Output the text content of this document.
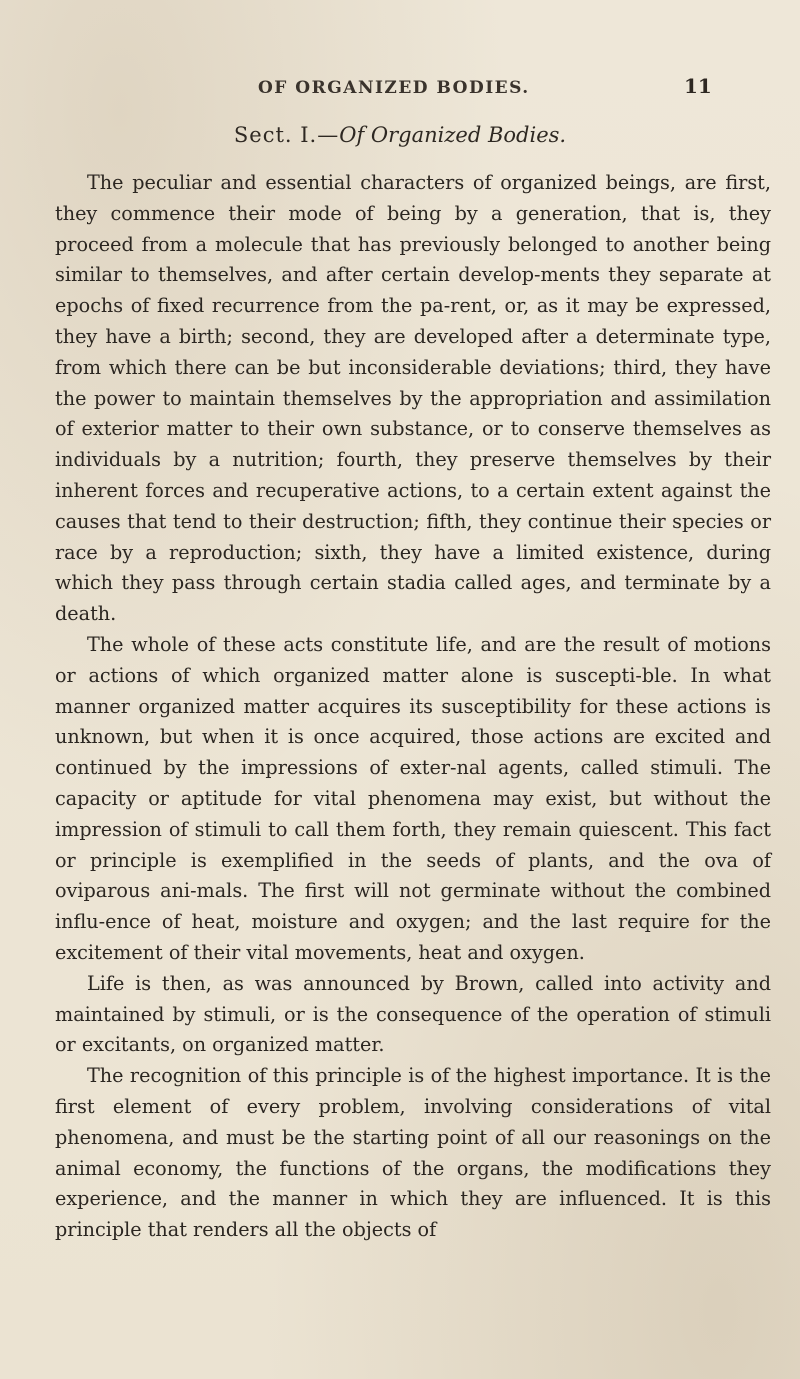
OF ORGANIZED BODIES.	11
Sect. I.—Of Organized Bodies.

The peculiar and essential characters of organized beings, are first, they commence their mode of being by a generation, that is, they proceed from a molecule that has previously belonged to another being similar to themselves, and after certain develop-ments they separate at epochs of fixed recurrence from the pa-rent, or, as it may be expressed, they have a birth; second, they are developed after a determinate type, from which there can be but inconsiderable deviations; third, they have the power to maintain themselves by the appropriation and assimilation of exterior matter to their own substance, or to conserve themselves as individuals by a nutrition; fourth, they preserve themselves by their inherent forces and recuperative actions, to a certain extent against the causes that tend to their destruction; fifth, they continue their species or race by a reproduction; sixth, they have a limited existence, during which they pass through certain stadia called ages, and terminate by a death.

The whole of these acts constitute life, and are the result of motions or actions of which organized matter alone is suscepti-ble. In what manner organized matter acquires its susceptibility for these actions is unknown, but when it is once acquired, those actions are excited and continued by the impressions of exter-nal agents, called stimuli. The capacity or aptitude for vital phenomena may exist, but without the impression of stimuli to call them forth, they remain quiescent. This fact or principle is exemplified in the seeds of plants, and the ova of oviparous ani-mals. The first will not germinate without the combined influ-ence of heat, moisture and oxygen; and the last require for the excitement of their vital movements, heat and oxygen.

Life is then, as was announced by Brown, called into activity and maintained by stimuli, or is the consequence of the operation of stimuli or excitants, on organized matter.

The recognition of this principle is of the highest importance. It is the first element of every problem, involving considerations of vital phenomena, and must be the starting point of all our reasonings on the animal economy, the functions of the organs, the modifications they experience, and the manner in which they are influenced. It is this principle that renders all the objects of
